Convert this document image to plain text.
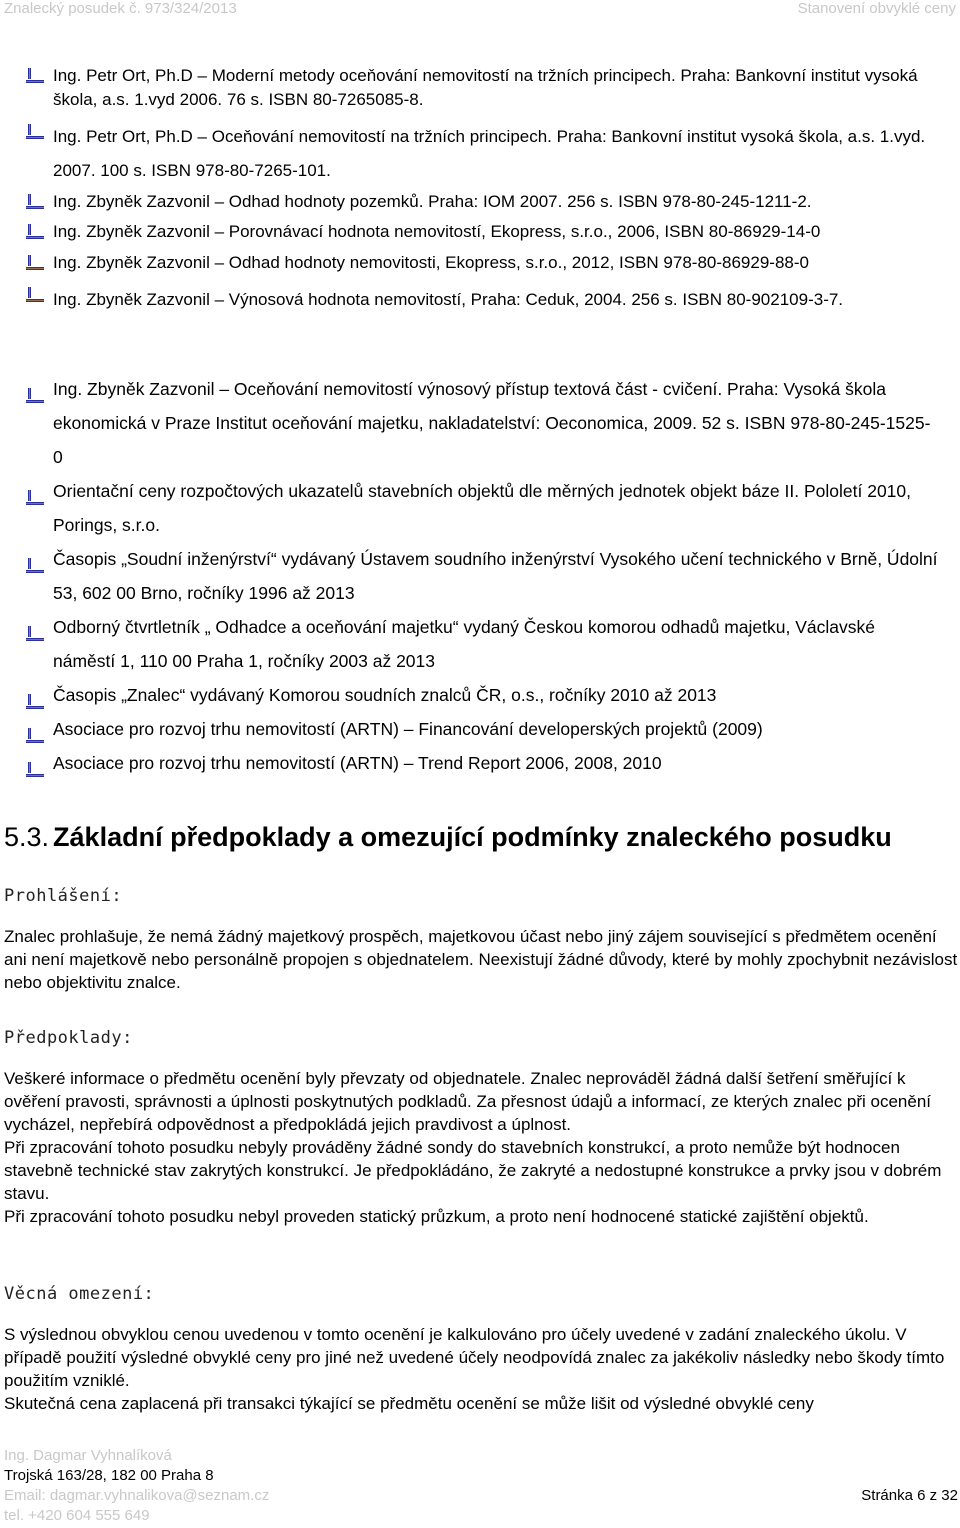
Znalecký posudek č. 973/324/2013	Stanovení obvyklé ceny
Ing. Petr Ort, Ph.D – Moderní metody oceňování nemovitostí na tržních principech. Praha: Bankovní institut vysoká škola, a.s. 1.vyd 2006. 76 s. ISBN 80-7265085-8.
Ing. Petr Ort, Ph.D – Oceňování nemovitostí na tržních principech. Praha: Bankovní institut vysoká škola, a.s. 1.vyd. 2007. 100 s. ISBN 978-80-7265-101.
Ing. Zbyněk Zazvonil – Odhad hodnoty pozemků. Praha: IOM 2007. 256 s. ISBN 978-80-245-1211-2.
Ing. Zbyněk Zazvonil – Porovnávací hodnota nemovitostí, Ekopress, s.r.o., 2006, ISBN 80-86929-14-0
Ing. Zbyněk Zazvonil – Odhad hodnoty nemovitosti, Ekopress, s.r.o., 2012, ISBN 978-80-86929-88-0
Ing. Zbyněk Zazvonil – Výnosová hodnota nemovitostí, Praha: Ceduk, 2004. 256 s. ISBN 80-902109-3-7.
Ing. Zbyněk Zazvonil – Oceňování nemovitostí výnosový přístup textová část - cvičení. Praha: Vysoká škola ekonomická v Praze Institut oceňování majetku, nakladatelství: Oeconomica, 2009. 52 s. ISBN 978-80-245-1525-0
Orientační ceny rozpočtových ukazatelů stavebních objektů dle měrných jednotek objekt báze II. Pololetí 2010, Porings, s.r.o.
Časopis „Soudní inženýrství“ vydávaný Ústavem soudního inženýrství Vysokého učení technického v Brně, Údolní 53, 602 00 Brno, ročníky 1996 až 2013
Odborný čtvrtletník „ Odhadce a oceňování majetku“ vydaný Českou komorou odhadů majetku, Václavské náměstí 1, 110 00 Praha 1, ročníky 2003 až 2013
Časopis „Znalec“ vydávaný Komorou soudních znalců ČR, o.s., ročníky 2010 až 2013
Asociace pro rozvoj trhu nemovitostí (ARTN) – Financování developerských projektů (2009)
Asociace pro rozvoj trhu nemovitostí (ARTN) – Trend Report 2006, 2008, 2010
5.3. Základní předpoklady a omezující podmínky znaleckého posudku
Prohlášení:

Znalec prohlašuje, že nemá žádný majetkový prospěch, majetkovou účast nebo jiný zájem související s předmětem ocenění ani není majetkově nebo personálně propojen s objednatelem. Neexistují žádné důvody, které by mohly zpochybnit nezávislost nebo objektivitu znalce.

Předpoklady:

Veškeré informace o předmětu ocenění byly převzaty od objednatele. Znalec neprováděl žádná další šetření směřující k ověření pravosti, správnosti a úplnosti poskytnutých podkladů. Za přesnost údajů a informací, ze kterých znalec při ocenění vycházel, nepřebírá odpovědnost a předpokládá jejich pravdivost a úplnost.

Při zpracování tohoto posudku nebyly prováděny žádné sondy do stavebních konstrukcí, a proto nemůže být hodnocen stavebně technické stav zakrytých konstrukcí. Je předpokládáno, že zakryté a nedostupné konstrukce a prvky jsou v dobrém stavu.

Při zpracování tohoto posudku nebyl proveden statický průzkum, a proto není hodnocené statické zajištění objektů.

Věcná omezení:

S výslednou obvyklou cenou uvedenou v tomto ocenění je kalkulováno pro účely uvedené v zadání znaleckého úkolu. V případě použití výsledné obvyklé ceny pro jiné než uvedené účely neodpovídá znalec za jakékoliv následky nebo škody tímto použitím vzniklé.

Skutečná cena zaplacená při transakci týkající se předmětu ocenění se může lišit od výsledné obvyklé ceny

Ing. Dagmar Vyhnalíková
Trojská 163/28, 182 00 Praha 8
Email: dagmar.vyhnalikova@seznam.cz
tel. +420 604 555 649
Stránka 6 z 32
